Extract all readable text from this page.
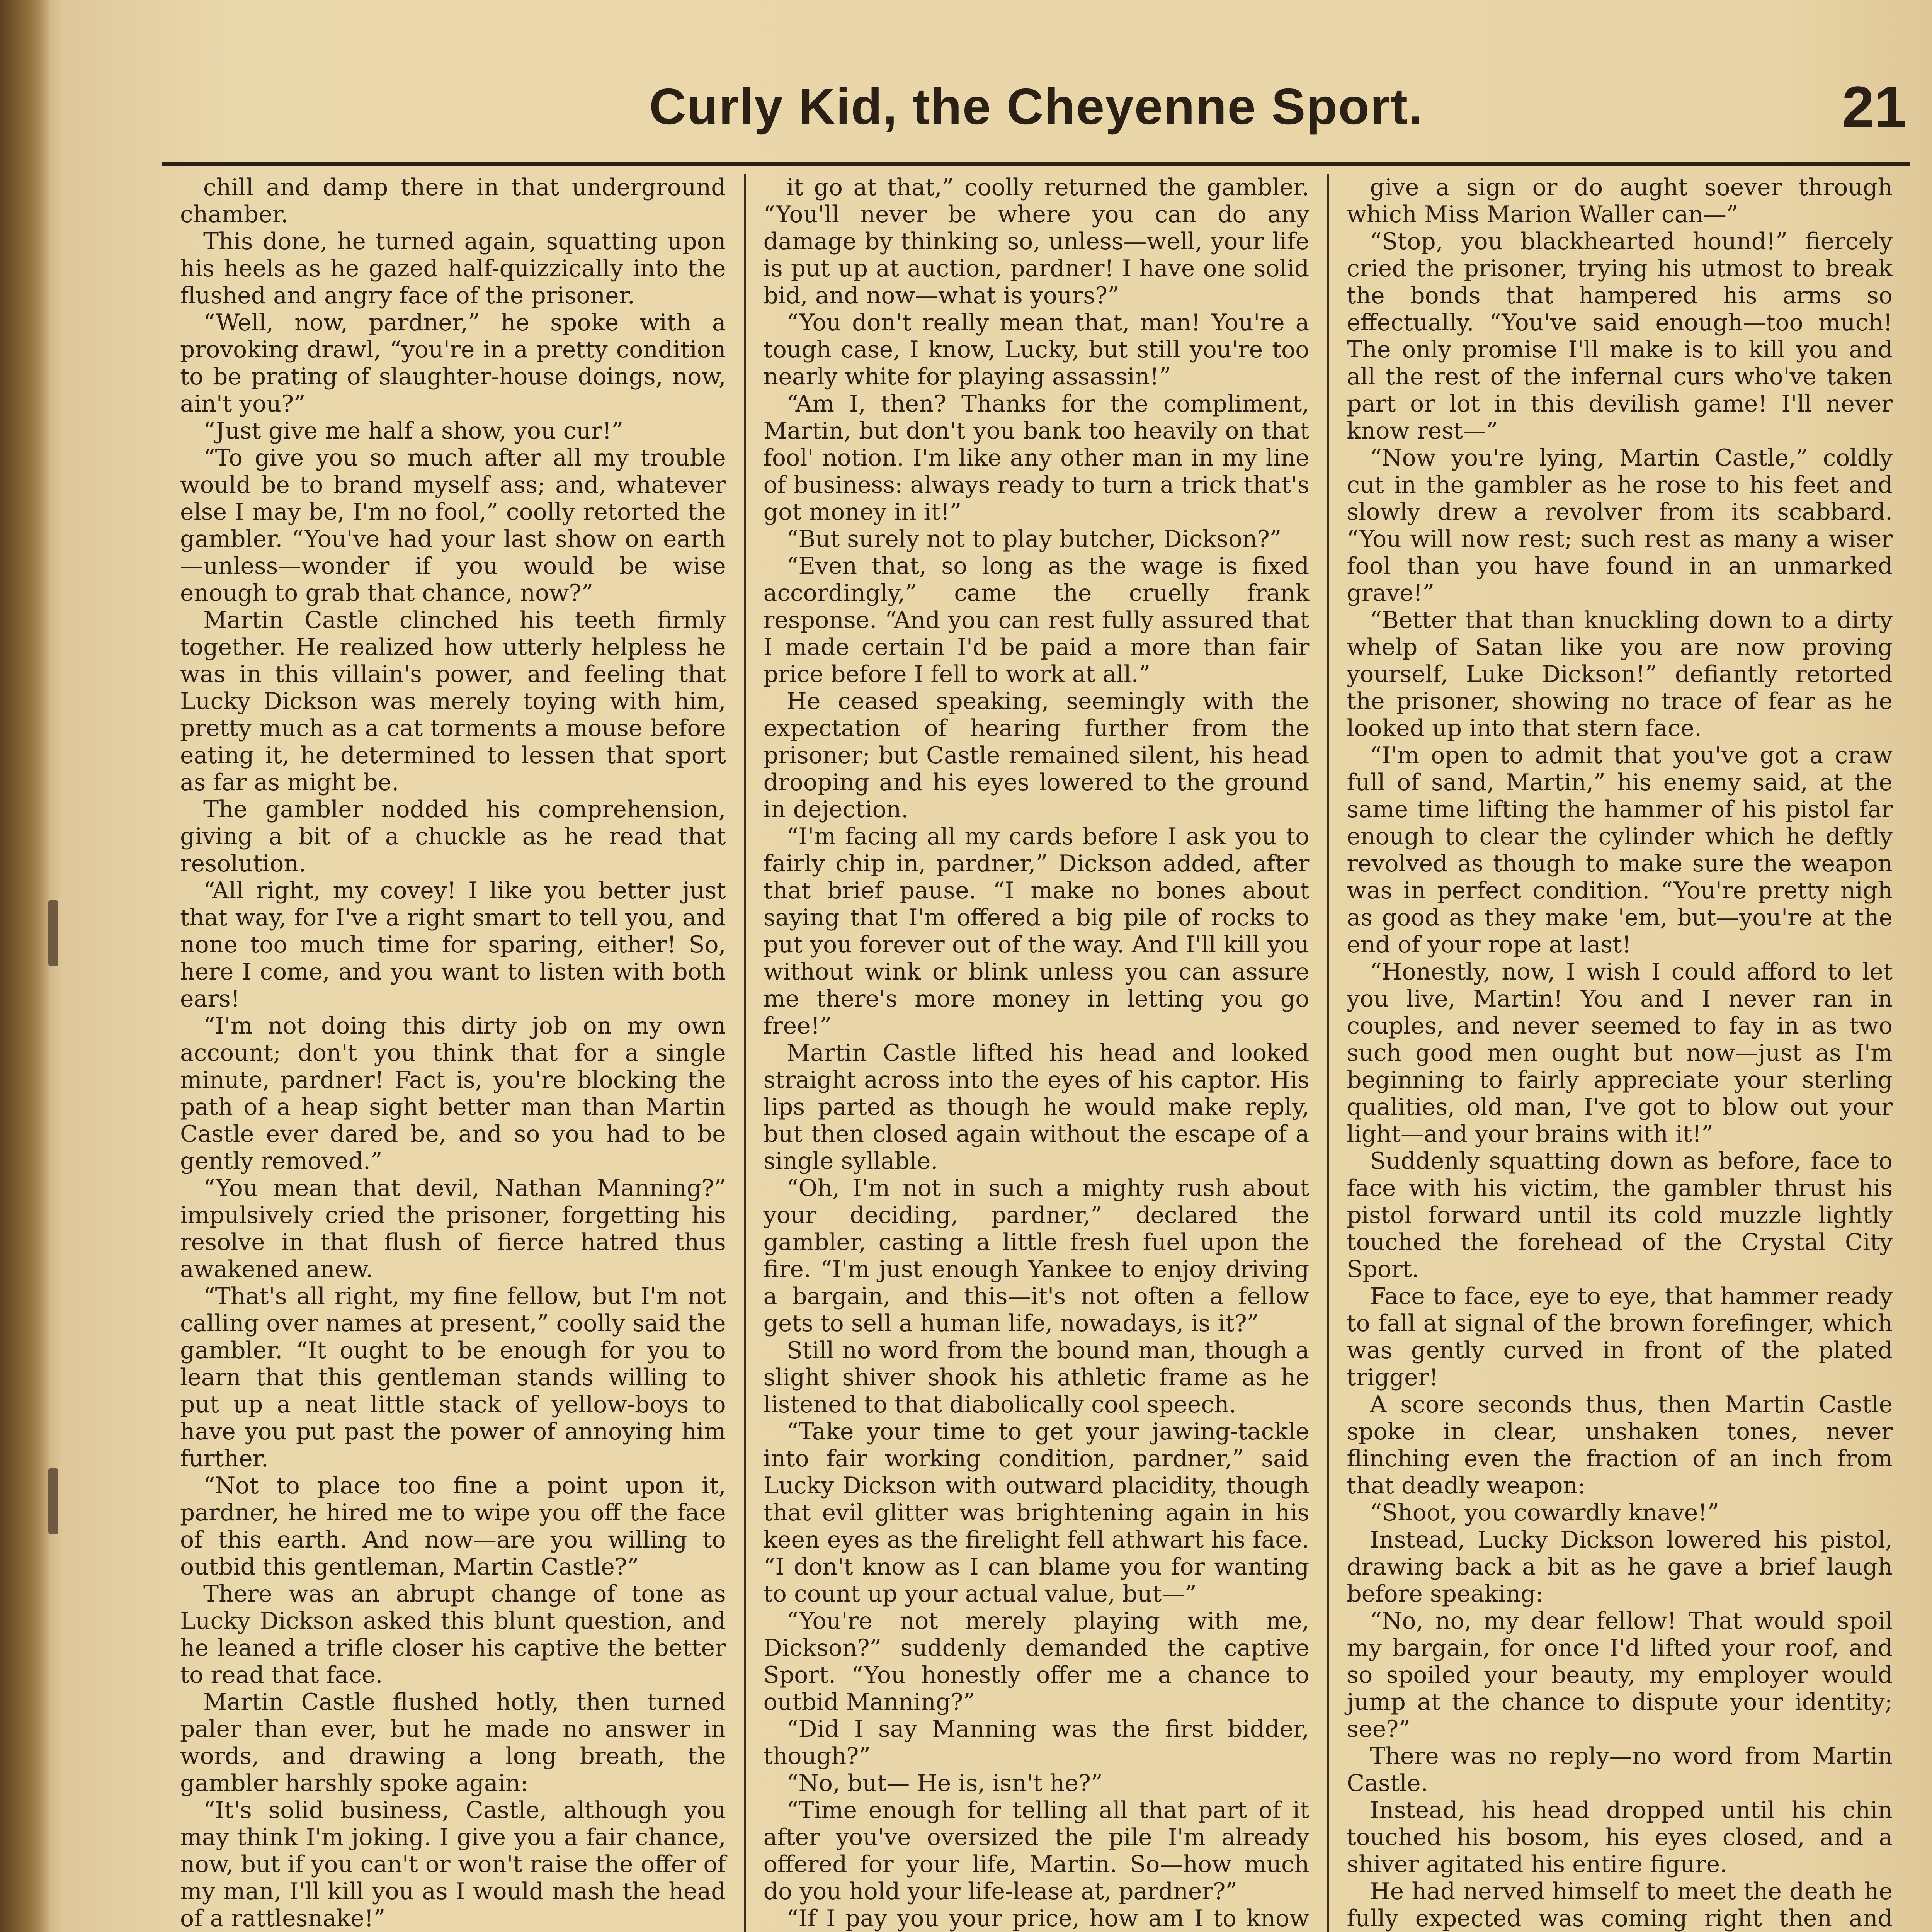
Curly Kid, the Cheyenne Sport.	21

chill and damp there in that underground chamber.

This done, he turned again, squatting upon his heels as he gazed half-quizzically into the flushed and angry face of the prisoner.

“Well, now, pardner,” he spoke with a provoking drawl, “you're in a pretty condition to be prating of slaughter-house doings, now, ain't you?”

“Just give me half a show, you cur!”

“To give you so much after all my trouble would be to brand myself ass; and, whatever else I may be, I'm no fool,” coolly retorted the gambler. “You've had your last show on earth—unless—wonder if you would be wise enough to grab that chance, now?”

Martin Castle clinched his teeth firmly together. He realized how utterly helpless he was in this villain's power, and feeling that Lucky Dickson was merely toying with him, pretty much as a cat torments a mouse before eating it, he determined to lessen that sport as far as might be.

The gambler nodded his comprehension, giving a bit of a chuckle as he read that resolution.

“All right, my covey! I like you better just that way, for I've a right smart to tell you, and none too much time for sparing, either! So, here I come, and you want to listen with both ears!

“I'm not doing this dirty job on my own account; don't you think that for a single minute, pardner! Fact is, you're blocking the path of a heap sight better man than Martin Castle ever dared be, and so you had to be gently removed.”

“You mean that devil, Nathan Manning?” impulsively cried the prisoner, forgetting his resolve in that flush of fierce hatred thus awakened anew.

“That's all right, my fine fellow, but I'm not calling over names at present,” coolly said the gambler. “It ought to be enough for you to learn that this gentleman stands willing to put up a neat little stack of yellow-boys to have you put past the power of annoying him further.

“Not to place too fine a point upon it, pardner, he hired me to wipe you off the face of this earth. And now—are you willing to outbid this gentleman, Martin Castle?”

There was an abrupt change of tone as Lucky Dickson asked this blunt question, and he leaned a trifle closer his captive the better to read that face.

Martin Castle flushed hotly, then turned paler than ever, but he made no answer in words, and drawing a long breath, the gambler harshly spoke again:

“It's solid business, Castle, although you may think I'm joking. I give you a fair chance, now, but if you can't or won't raise the offer of my man, I'll kill you as I would mash the head of a rattlesnake!”

it go at that,” coolly returned the gambler. “You'll never be where you can do any damage by thinking so, unless—well, your life is put up at auction, pardner! I have one solid bid, and now—what is yours?”

“You don't really mean that, man! You're a tough case, I know, Lucky, but still you're too nearly white for playing assassin!”

“Am I, then? Thanks for the compliment, Martin, but don't you bank too heavily on that fool' notion. I'm like any other man in my line of business: always ready to turn a trick that's got money in it!”

“But surely not to play butcher, Dickson?”

“Even that, so long as the wage is fixed accordingly,” came the cruelly frank response. “And you can rest fully assured that I made certain I'd be paid a more than fair price before I fell to work at all.”

He ceased speaking, seemingly with the expectation of hearing further from the prisoner; but Castle remained silent, his head drooping and his eyes lowered to the ground in dejection.

“I'm facing all my cards before I ask you to fairly chip in, pardner,” Dickson added, after that brief pause. “I make no bones about saying that I'm offered a big pile of rocks to put you forever out of the way. And I'll kill you without wink or blink unless you can assure me there's more money in letting you go free!”

Martin Castle lifted his head and looked straight across into the eyes of his captor. His lips parted as though he would make reply, but then closed again without the escape of a single syllable.

“Oh, I'm not in such a mighty rush about your deciding, pardner,” declared the gambler, casting a little fresh fuel upon the fire. “I'm just enough Yankee to enjoy driving a bargain, and this—it's not often a fellow gets to sell a human life, nowadays, is it?”

Still no word from the bound man, though a slight shiver shook his athletic frame as he listened to that diabolically cool speech.

“Take your time to get your jawing-tackle into fair working condition, pardner,” said Lucky Dickson with outward placidity, though that evil glitter was brightening again in his keen eyes as the firelight fell athwart his face. “I don't know as I can blame you for wanting to count up your actual value, but—”

“You're not merely playing with me, Dickson?” suddenly demanded the captive Sport. “You honestly offer me a chance to outbid Manning?”

“Did I say Manning was the first bidder, though?”

“No, but— He is, isn't he?”

“Time enough for telling all that part of it after you've oversized the pile I'm already offered for your life, Martin. So—how much do you hold your life-lease at, pardner?”

“If I pay you your price, how am I to know

give a sign or do aught soever through which Miss Marion Waller can—”

“Stop, you blackhearted hound!” fiercely cried the prisoner, trying his utmost to break the bonds that hampered his arms so effectually. “You've said enough—too much! The only promise I'll make is to kill you and all the rest of the infernal curs who've taken part or lot in this devilish game! I'll never know rest—”

“Now you're lying, Martin Castle,” coldly cut in the gambler as he rose to his feet and slowly drew a revolver from its scabbard. “You will now rest; such rest as many a wiser fool than you have found in an unmarked grave!”

“Better that than knuckling down to a dirty whelp of Satan like you are now proving yourself, Luke Dickson!” defiantly retorted the prisoner, showing no trace of fear as he looked up into that stern face.

“I'm open to admit that you've got a craw full of sand, Martin,” his enemy said, at the same time lifting the hammer of his pistol far enough to clear the cylinder which he deftly revolved as though to make sure the weapon was in perfect condition. “You're pretty nigh as good as they make 'em, but—you're at the end of your rope at last!

“Honestly, now, I wish I could afford to let you live, Martin! You and I never ran in couples, and never seemed to fay in as two such good men ought but now—just as I'm beginning to fairly appreciate your sterling qualities, old man, I've got to blow out your light—and your brains with it!”

Suddenly squatting down as before, face to face with his victim, the gambler thrust his pistol forward until its cold muzzle lightly touched the forehead of the Crystal City Sport.

Face to face, eye to eye, that hammer ready to fall at signal of the brown forefinger, which was gently curved in front of the plated trigger!

A score seconds thus, then Martin Castle spoke in clear, unshaken tones, never flinching even the fraction of an inch from that deadly weapon:

“Shoot, you cowardly knave!”

Instead, Lucky Dickson lowered his pistol, drawing back a bit as he gave a brief laugh before speaking:

“No, no, my dear fellow! That would spoil my bargain, for once I'd lifted your roof, and so spoiled your beauty, my employer would jump at the chance to dispute your identity; see?”

There was no reply—no word from Martin Castle.

Instead, his head dropped until his chin touched his bosom, his eyes closed, and a shiver agitated his entire figure.

He had nerved himself to meet the death he fully expected was coming right then and
